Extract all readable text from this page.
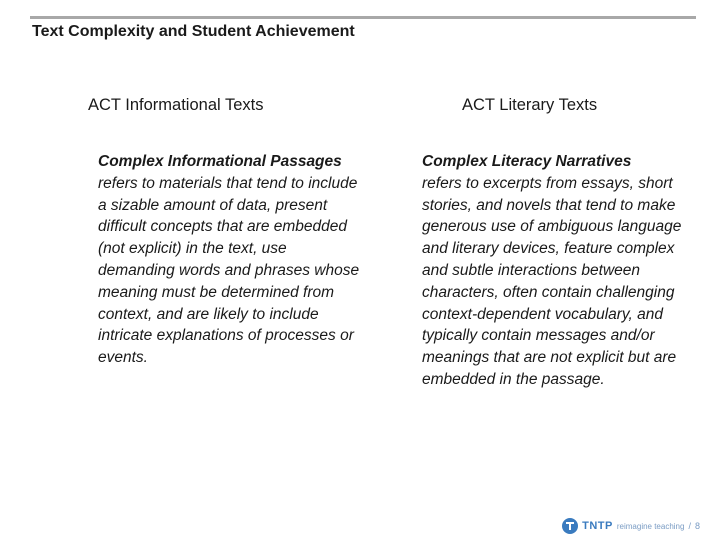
Text Complexity and Student Achievement
ACT Informational Texts	ACT Literary Texts
Complex Informational Passages refers to materials that tend to include a sizable amount of data, present difficult concepts that are embedded (not explicit) in the text, use demanding words and phrases whose meaning must be determined from context, and are likely to include intricate explanations of processes or events.
Complex Literacy Narratives
refers to excerpts from essays, short stories, and novels that tend to make generous use of ambiguous language and literary devices, feature complex and subtle interactions between characters, often contain challenging context-dependent vocabulary, and typically contain messages and/or meanings that are not explicit but are embedded in the passage.
TNTP reimagine teaching / 8
